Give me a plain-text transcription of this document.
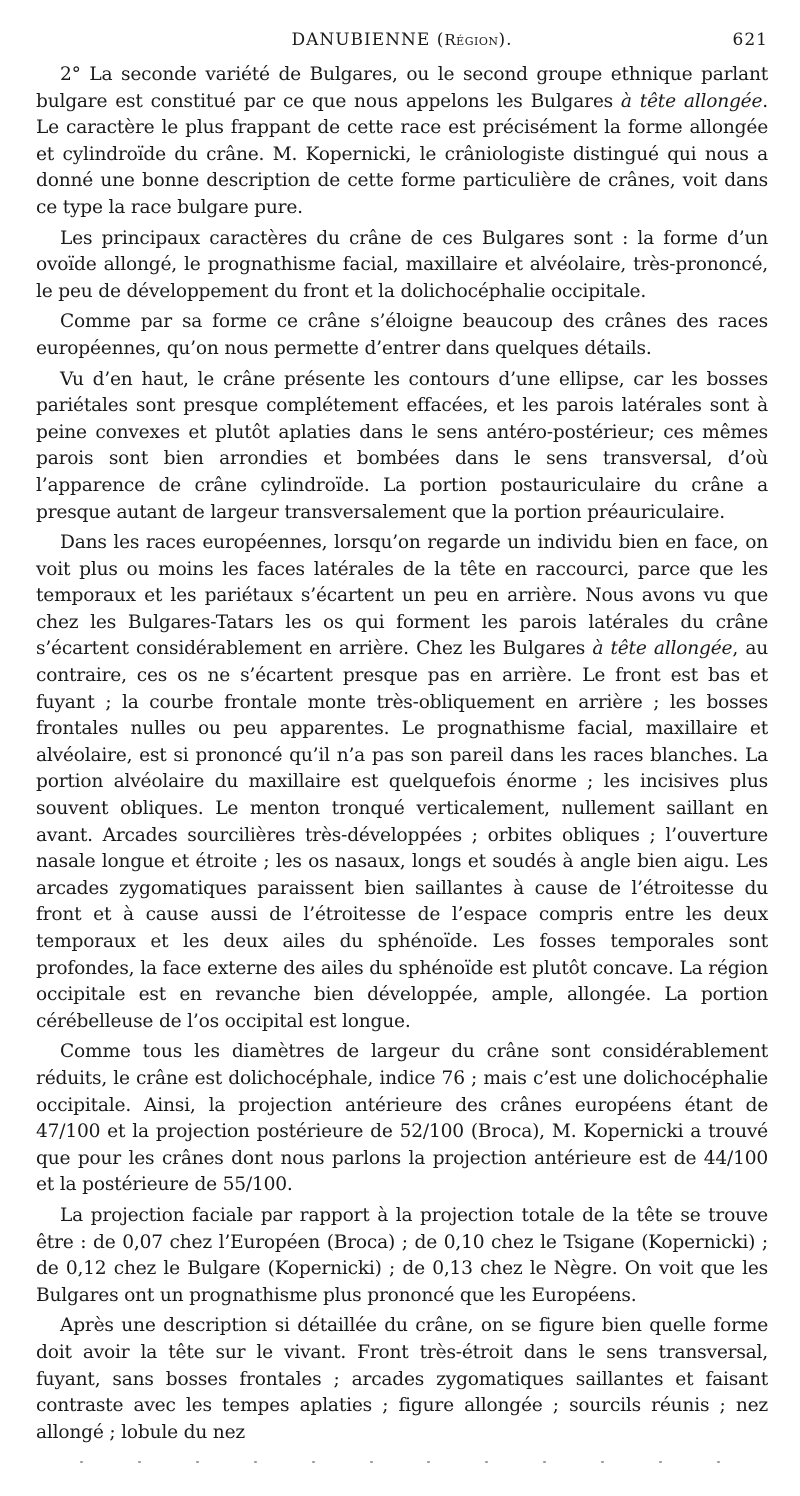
DANUBIENNE (Région).	621

2° La seconde variété de Bulgares, ou le second groupe ethnique parlant bulgare est constitué par ce que nous appelons les Bulgares à tête allongée. Le caractère le plus frappant de cette race est précisément la forme allongée et cylindroïde du crâne. M. Kopernicki, le crâniologiste distingué qui nous a donné une bonne description de cette forme particulière de crânes, voit dans ce type la race bulgare pure.

Les principaux caractères du crâne de ces Bulgares sont : la forme d’un ovoïde allongé, le prognathisme facial, maxillaire et alvéolaire, très-prononcé, le peu de développement du front et la dolichocéphalie occipitale.

Comme par sa forme ce crâne s’éloigne beaucoup des crânes des races européennes, qu’on nous permette d’entrer dans quelques détails.

Vu d’en haut, le crâne présente les contours d’une ellipse, car les bosses pariétales sont presque complétement effacées, et les parois latérales sont à peine convexes et plutôt aplaties dans le sens antéro-postérieur; ces mêmes parois sont bien arrondies et bombées dans le sens transversal, d’où l’apparence de crâne cylindroïde. La portion postauriculaire du crâne a presque autant de largeur transversalement que la portion préauriculaire.

Dans les races européennes, lorsqu’on regarde un individu bien en face, on voit plus ou moins les faces latérales de la tête en raccourci, parce que les temporaux et les pariétaux s’écartent un peu en arrière. Nous avons vu que chez les Bulgares-Tatars les os qui forment les parois latérales du crâne s’écartent considérablement en arrière. Chez les Bulgares à tête allongée, au contraire, ces os ne s’écartent presque pas en arrière. Le front est bas et fuyant ; la courbe frontale monte très-obliquement en arrière ; les bosses frontales nulles ou peu apparentes. Le prognathisme facial, maxillaire et alvéolaire, est si prononcé qu’il n’a pas son pareil dans les races blanches. La portion alvéolaire du maxillaire est quelquefois énorme ; les incisives plus souvent obliques. Le menton tronqué verticalement, nullement saillant en avant. Arcades sourcilières très-développées ; orbites obliques ; l’ouverture nasale longue et étroite ; les os nasaux, longs et soudés à angle bien aigu. Les arcades zygomatiques paraissent bien saillantes à cause de l’étroitesse du front et à cause aussi de l’étroitesse de l’espace compris entre les deux temporaux et les deux ailes du sphénoïde. Les fosses temporales sont profondes, la face externe des ailes du sphénoïde est plutôt concave. La région occipitale est en revanche bien développée, ample, allongée. La portion cérébelleuse de l’os occipital est longue.

Comme tous les diamètres de largeur du crâne sont considérablement réduits, le crâne est dolichocéphale, indice 76 ; mais c’est une dolichocéphalie occipitale. Ainsi, la projection antérieure des crânes européens étant de 47/100 et la projection postérieure de 52/100 (Broca), M. Kopernicki a trouvé que pour les crânes dont nous parlons la projection antérieure est de 44/100 et la postérieure de 55/100.

La projection faciale par rapport à la projection totale de la tête se trouve être : de 0,07 chez l’Européen (Broca) ; de 0,10 chez le Tsigane (Kopernicki) ; de 0,12 chez le Bulgare (Kopernicki) ; de 0,13 chez le Nègre. On voit que les Bulgares ont un prognathisme plus prononcé que les Européens.

Après une description si détaillée du crâne, on se figure bien quelle forme doit avoir la tête sur le vivant. Front très-étroit dans le sens transversal, fuyant, sans bosses frontales ; arcades zygomatiques saillantes et faisant contraste avec les tempes aplaties ; figure allongée ; sourcils réunis ; nez allongé ; lobule du nez
